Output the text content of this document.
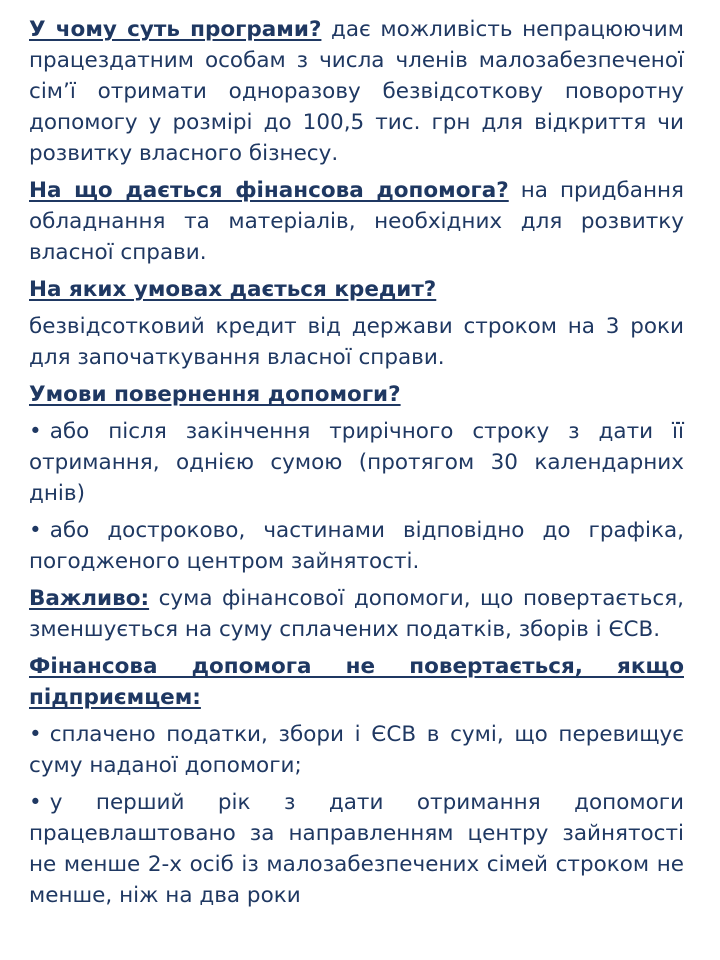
У чому суть програми? дає можливість непрацюючим працездатним особам з числа членів малозабезпеченої сім’ї отримати одноразову безвідсоткову поворотну допомогу у розмірі до 100,5 тис. грн для відкриття чи розвитку власного бізнесу.

На що дається фінансова допомога? на придбання обладнання та матеріалів, необхідних для розвитку власної справи.

На яких умовах дається кредит?

безвідсотковий кредит від держави строком на 3 роки для започаткування власної справи.

Умови повернення допомоги?

• або після закінчення трирічного строку з дати її отримання, однією сумою (протягом 30 календарних днів)

• або достроково, частинами відповідно до графіка, погодженого центром зайнятості.

Важливо: сума фінансової допомоги, що повертається, зменшується на суму сплачених податків, зборів і ЄСВ.

Фінансова допомога не повертається, якщо підприємцем:

• сплачено податки, збори і ЄСВ в сумі, що перевищує суму наданої допомоги;

• у перший рік з дати отримання допомоги працевлаштовано за направленням центру зайнятості не менше 2-х осіб із малозабезпечених сімей строком не менше, ніж на два роки
